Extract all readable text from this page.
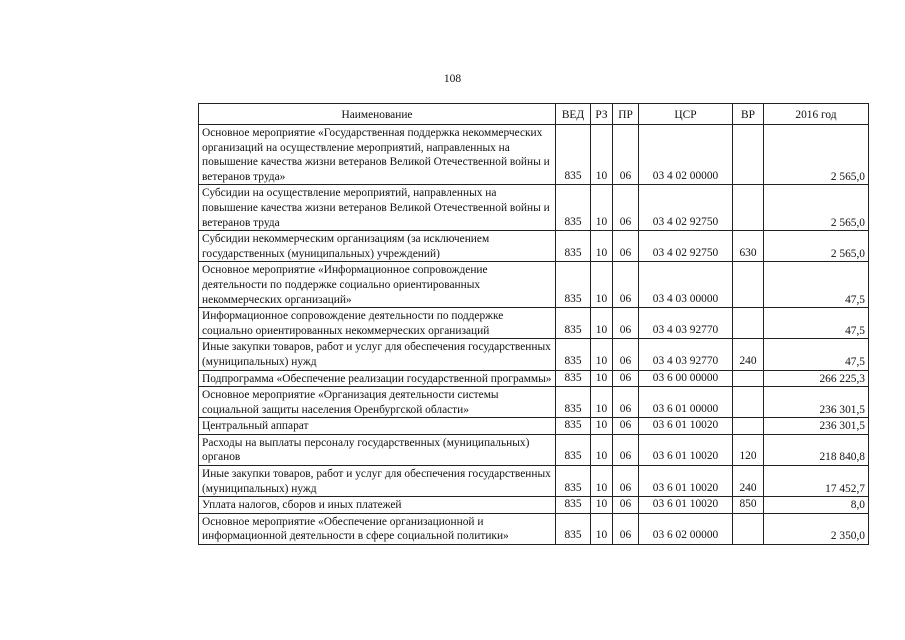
108
Наименование	ВЕД	РЗ	ПР	ЦСР	ВР	2016 год
Основное мероприятие «Государственная поддержка некоммерческих организаций на осуществление мероприятий, направленных на повышение качества жизни ветеранов Великой Отечественной войны и ветеранов труда»	835	10	06	03 4 02 00000		2 565,0
Субсидии на осуществление мероприятий, направленных на повышение качества жизни ветеранов Великой Отечественной войны и ветеранов труда	835	10	06	03 4 02 92750		2 565,0
Субсидии некоммерческим организациям (за исключением государственных (муниципальных) учреждений)	835	10	06	03 4 02 92750	630	2 565,0
Основное мероприятие «Информационное сопровождение деятельности по поддержке социально ориентированных некоммерческих организаций»	835	10	06	03 4 03 00000		47,5
Информационное сопровождение деятельности по поддержке социально ориентированных некоммерческих организаций	835	10	06	03 4 03 92770		47,5
Иные закупки товаров, работ и услуг для обеспечения государственных (муниципальных) нужд	835	10	06	03 4 03 92770	240	47,5
Подпрограмма «Обеспечение реализации государственной программы»	835	10	06	03 6 00 00000		266 225,3
Основное мероприятие «Организация деятельности системы социальной защиты населения Оренбургской области»	835	10	06	03 6 01 00000		236 301,5
Центральный аппарат	835	10	06	03 6 01 10020		236 301,5
Расходы на выплаты персоналу государственных (муниципальных) органов	835	10	06	03 6 01 10020	120	218 840,8
Иные закупки товаров, работ и услуг для обеспечения государственных (муниципальных) нужд	835	10	06	03 6 01 10020	240	17 452,7
Уплата налогов, сборов и иных платежей	835	10	06	03 6 01 10020	850	8,0
Основное мероприятие «Обеспечение организационной и информационной деятельности в сфере социальной политики»	835	10	06	03 6 02 00000		2 350,0
